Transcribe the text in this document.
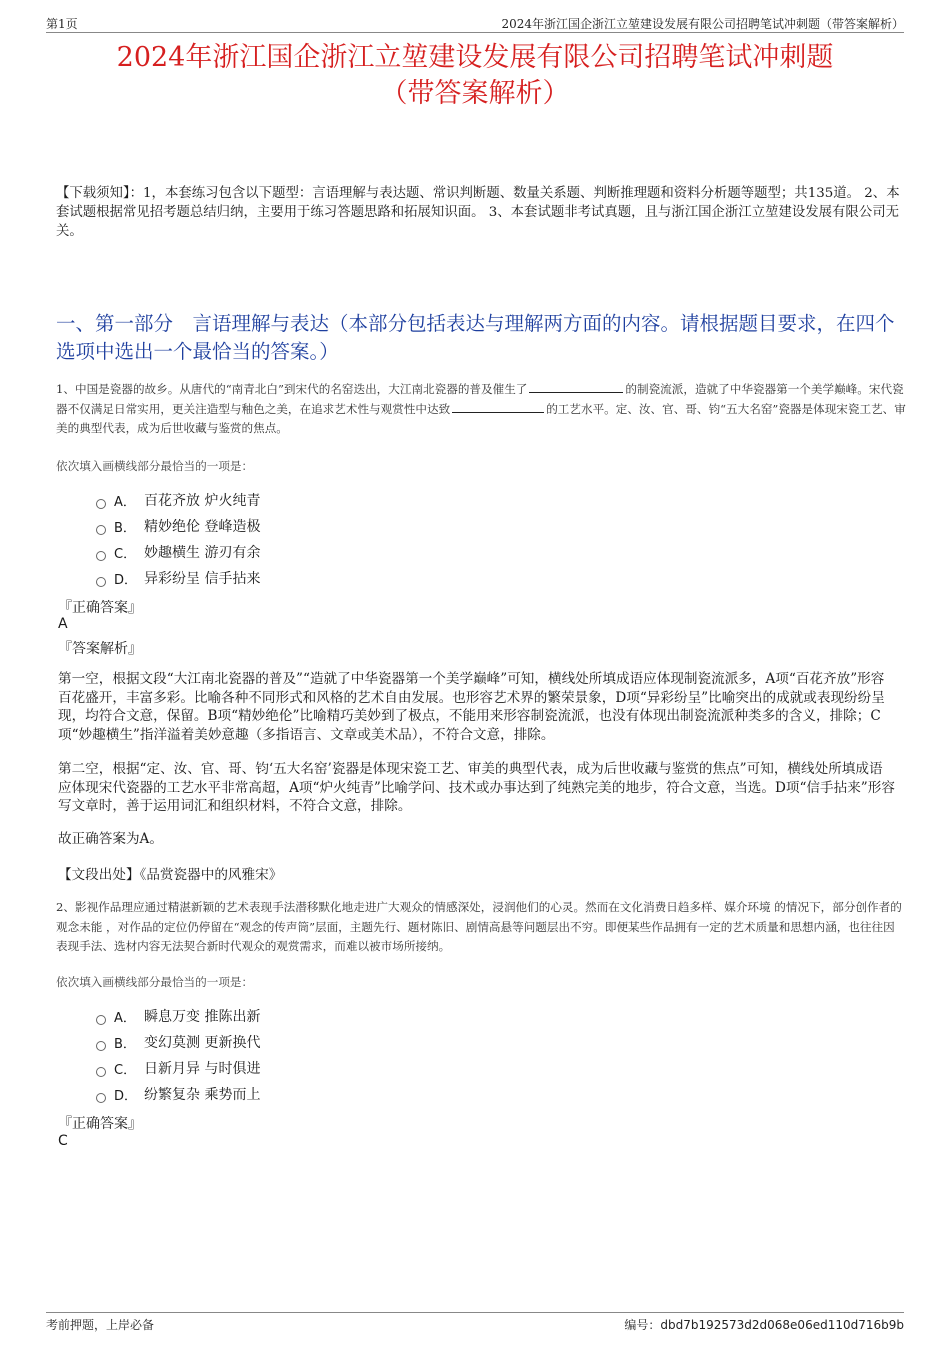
第1页	2024年浙江国企浙江立堃建设发展有限公司招聘笔试冲刺题（带答案解析）
2024年浙江国企浙江立堃建设发展有限公司招聘笔试冲刺题
（带答案解析）
【下载须知】：1，本套练习包含以下题型：言语理解与表达题、常识判断题、数量关系题、判断推理题和资料分析题等题型；共135道。 2、本套试题根据常见招考题总结归纳，主要用于练习答题思路和拓展知识面。 3、本套试题非考试真题，且与浙江国企浙江立堃建设发展有限公司无关。
一、第一部分　言语理解与表达（本部分包括表达与理解两方面的内容。请根据题目要求，在四个选项中选出一个最恰当的答案。）
1、中国是瓷器的故乡。从唐代的“南青北白”到宋代的名窑迭出，大江南北瓷器的普及催生了	的制瓷流派，造就了中华瓷器第一个美学巅峰。宋代瓷器不仅满足日常实用，更关注造型与釉色之美，在追求艺术性与观赏性中达致	的工艺水平。定、汝、官、哥、钧“五大名窑”瓷器是体现宋瓷工艺、审美的典型代表，成为后世收藏与鉴赏的焦点。
依次填入画横线部分最恰当的一项是：
A． 百花齐放 炉火纯青
B． 精妙绝伦 登峰造极
C． 妙趣横生 游刃有余
D． 异彩纷呈 信手拈来
『正确答案』
A
『答案解析』
第一空，根据文段“大江南北瓷器的普及”“造就了中华瓷器第一个美学巅峰”可知，横线处所填成语应体现制瓷流派多，A项“百花齐放”形容百花盛开，丰富多彩。比喻各种不同形式和风格的艺术自由发展。也形容艺术界的繁荣景象，D项“异彩纷呈”比喻突出的成就或表现纷纷呈现，均符合文意，保留。B项“精妙绝伦”比喻精巧美妙到了极点，不能用来形容制瓷流派，也没有体现出制瓷流派种类多的含义，排除；C项“妙趣横生”指洋溢着美妙意趣（多指语言、文章或美术品），不符合文意，排除。
第二空，根据“定、汝、官、哥、钧‘五大名窑’瓷器是体现宋瓷工艺、审美的典型代表，成为后世收藏与鉴赏的焦点”可知，横线处所填成语应体现宋代瓷器的工艺水平非常高超，A项“炉火纯青”比喻学问、技术或办事达到了纯熟完美的地步，符合文意，当选。D项“信手拈来”形容写文章时，善于运用词汇和组织材料，不符合文意，排除。
故正确答案为A。
【文段出处】《品赏瓷器中的风雅宋》
2、影视作品理应通过精湛新颖的艺术表现手法潜移默化地走进广大观众的情感深处，浸润他们的心灵。然而在文化消费日趋多样、媒介环境 的情况下，部分创作者的观念未能 ，对作品的定位仍停留在“观念的传声筒”层面，主题先行、题材陈旧、剧情高悬等问题层出不穷。即便某些作品拥有一定的艺术质量和思想内涵，也往往因表现手法、选材内容无法契合新时代观众的观赏需求，而难以被市场所接纳。
依次填入画横线部分最恰当的一项是：
A． 瞬息万变 推陈出新
B． 变幻莫测 更新换代
C． 日新月异 与时俱进
D． 纷繁复杂 乘势而上
『正确答案』
C
考前押题，上岸必备	编号：dbd7b192573d2d068e06ed110d716b9b
